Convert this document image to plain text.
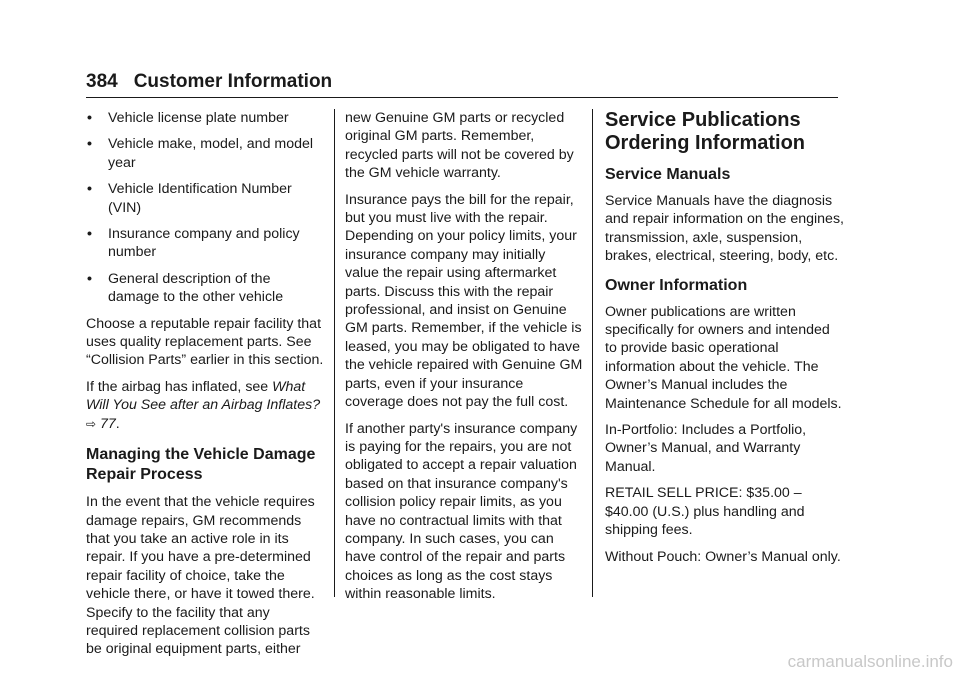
384 Customer Information
• Vehicle license plate number
• Vehicle make, model, and model year
• Vehicle Identification Number (VIN)
• Insurance company and policy number
• General description of the damage to the other vehicle

Choose a reputable repair facility that uses quality replacement parts. See “Collision Parts” earlier in this section.

If the airbag has inflated, see What Will You See after an Airbag Inflates? ⇨ 77.

Managing the Vehicle Damage Repair Process

In the event that the vehicle requires damage repairs, GM recommends that you take an active role in its repair. If you have a pre-determined repair facility of choice, take the vehicle there, or have it towed there. Specify to the facility that any required replacement collision parts be original equipment parts, either

new Genuine GM parts or recycled original GM parts. Remember, recycled parts will not be covered by the GM vehicle warranty.

Insurance pays the bill for the repair, but you must live with the repair. Depending on your policy limits, your insurance company may initially value the repair using aftermarket parts. Discuss this with the repair professional, and insist on Genuine GM parts. Remember, if the vehicle is leased, you may be obligated to have the vehicle repaired with Genuine GM parts, even if your insurance coverage does not pay the full cost.

If another party's insurance company is paying for the repairs, you are not obligated to accept a repair valuation based on that insurance company's collision policy repair limits, as you have no contractual limits with that company. In such cases, you can have control of the repair and parts choices as long as the cost stays within reasonable limits.

Service Publications Ordering Information
Service Manuals

Service Manuals have the diagnosis and repair information on the engines, transmission, axle, suspension, brakes, electrical, steering, body, etc.

Owner Information

Owner publications are written specifically for owners and intended to provide basic operational information about the vehicle. The Owner’s Manual includes the Maintenance Schedule for all models.

In-Portfolio: Includes a Portfolio, Owner’s Manual, and Warranty Manual.

RETAIL SELL PRICE: $35.00 – $40.00 (U.S.) plus handling and shipping fees.

Without Pouch: Owner’s Manual only.

carmanualsonline.info
